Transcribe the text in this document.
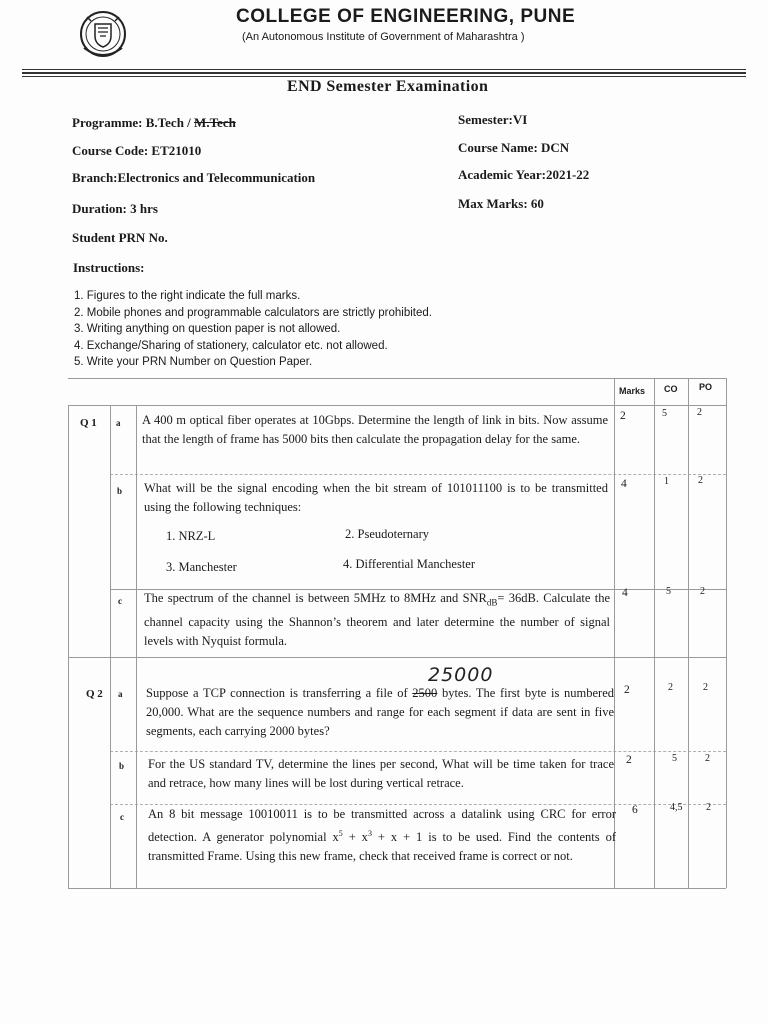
COLLEGE OF ENGINEERING, PUNE
(An Autonomous Institute of Government of Maharashtra )
END Semester Examination
Programme: B.Tech / M.Tech
Course Code: ET21010
Branch:Electronics and Telecommunication
Duration: 3 hrs
Student PRN No.
Semester:VI
Course Name: DCN
Academic Year:2021-22
Max Marks: 60
Instructions:
1. Figures to the right indicate the full marks.
2. Mobile phones and programmable calculators are strictly prohibited.
3. Writing anything on question paper is not allowed.
4. Exchange/Sharing of stationery, calculator etc. not allowed.
5. Write your PRN Number on Question Paper.
Marks CO PO
Q 1 a A 400 m optical fiber operates at 10Gbps. Determine the length of link in bits. Now assume that the length of frame has 5000 bits then calculate the propagation delay for the same.
2	5	2
b What will be the signal encoding when the bit stream of 101011100 is to be transmitted using the following techniques:
1. NRZ-L	2. Pseudoternary
3. Manchester	4. Differential Manchester
4	1	2
c The spectrum of the channel is between 5MHz to 8MHz and $SNR_{dB}= 36dB$. Calculate the channel capacity using the Shannon’s theorem and later determine the number of signal levels with Nyquist formula.
4	5	2
25000
Q 2 a Suppose a TCP connection is transferring a file of 2500 bytes. The first byte is numbered 20,000. What are the sequence numbers and range for each segment if data are sent in five segments, each carrying 2000 bytes?
2	2	2
b For the US standard TV, determine the lines per second, What will be time taken for trace and retrace, how many lines will be lost during vertical retrace.
2	5	2
c An 8 bit message 10010011 is to be transmitted across a datalink using CRC for error detection. A generator polynomial $x^5 + x^3 + x + 1$ is to be used. Find the contents of transmitted Frame. Using this new frame, check that received frame is correct or not.
6	4,5 2
